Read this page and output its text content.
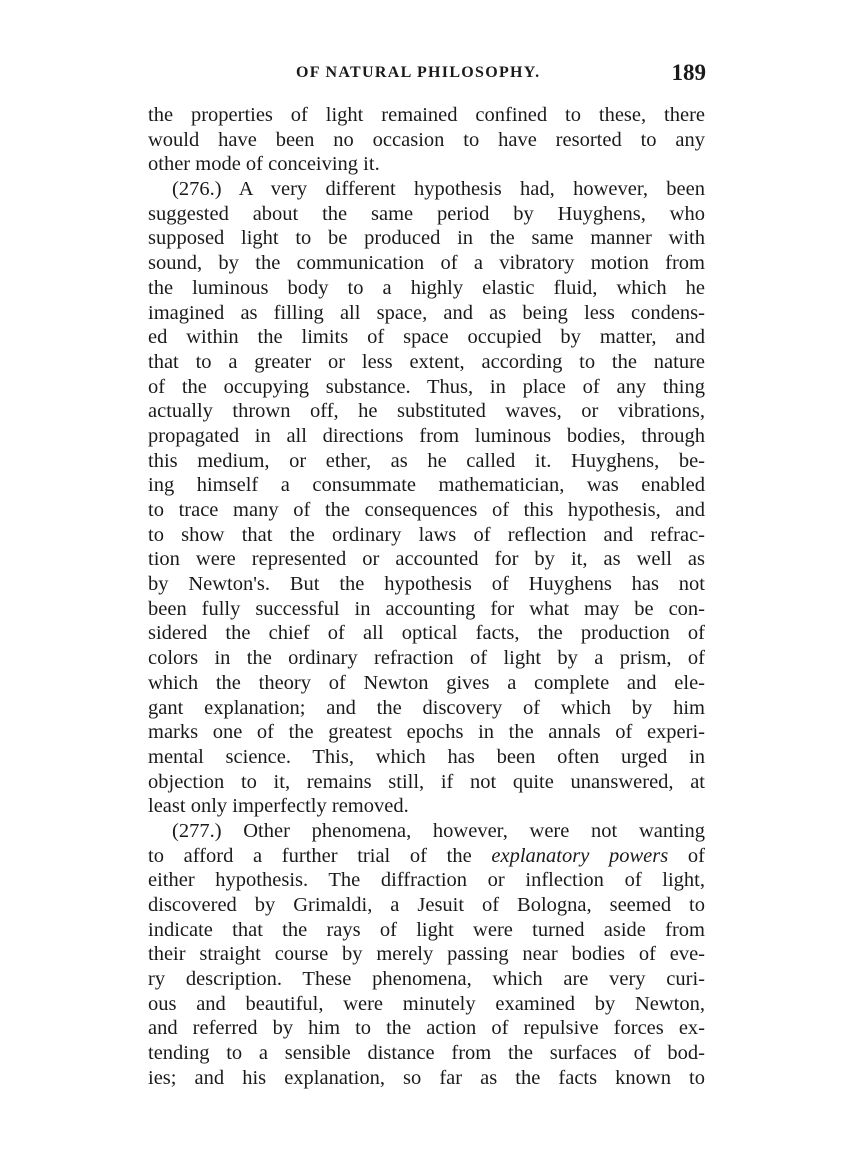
OF NATURAL PHILOSOPHY.	189
the properties of light remained confined to these, there
would have been no occasion to have resorted to any
other mode of conceiving it.
(276.) A very different hypothesis had, however, been
suggested about the same period by Huyghens, who
supposed light to be produced in the same manner with
sound, by the communication of a vibratory motion from
the luminous body to a highly elastic fluid, which he
imagined as filling all space, and as being less condens-
ed within the limits of space occupied by matter, and
that to a greater or less extent, according to the nature
of the occupying substance. Thus, in place of any thing
actually thrown off, he substituted waves, or vibrations,
propagated in all directions from luminous bodies, through
this medium, or ether, as he called it. Huyghens, be-
ing himself a consummate mathematician, was enabled
to trace many of the consequences of this hypothesis, and
to show that the ordinary laws of reflection and refrac-
tion were represented or accounted for by it, as well as
by Newton's. But the hypothesis of Huyghens has not
been fully successful in accounting for what may be con-
sidered the chief of all optical facts, the production of
colors in the ordinary refraction of light by a prism, of
which the theory of Newton gives a complete and ele-
gant explanation; and the discovery of which by him
marks one of the greatest epochs in the annals of experi-
mental science. This, which has been often urged in
objection to it, remains still, if not quite unanswered, at
least only imperfectly removed.
(277.) Other phenomena, however, were not wanting
to afford a further trial of the explanatory powers of
either hypothesis. The diffraction or inflection of light,
discovered by Grimaldi, a Jesuit of Bologna, seemed to
indicate that the rays of light were turned aside from
their straight course by merely passing near bodies of eve-
ry description. These phenomena, which are very curi-
ous and beautiful, were minutely examined by Newton,
and referred by him to the action of repulsive forces ex-
tending to a sensible distance from the surfaces of bod-
ies; and his explanation, so far as the facts known to
